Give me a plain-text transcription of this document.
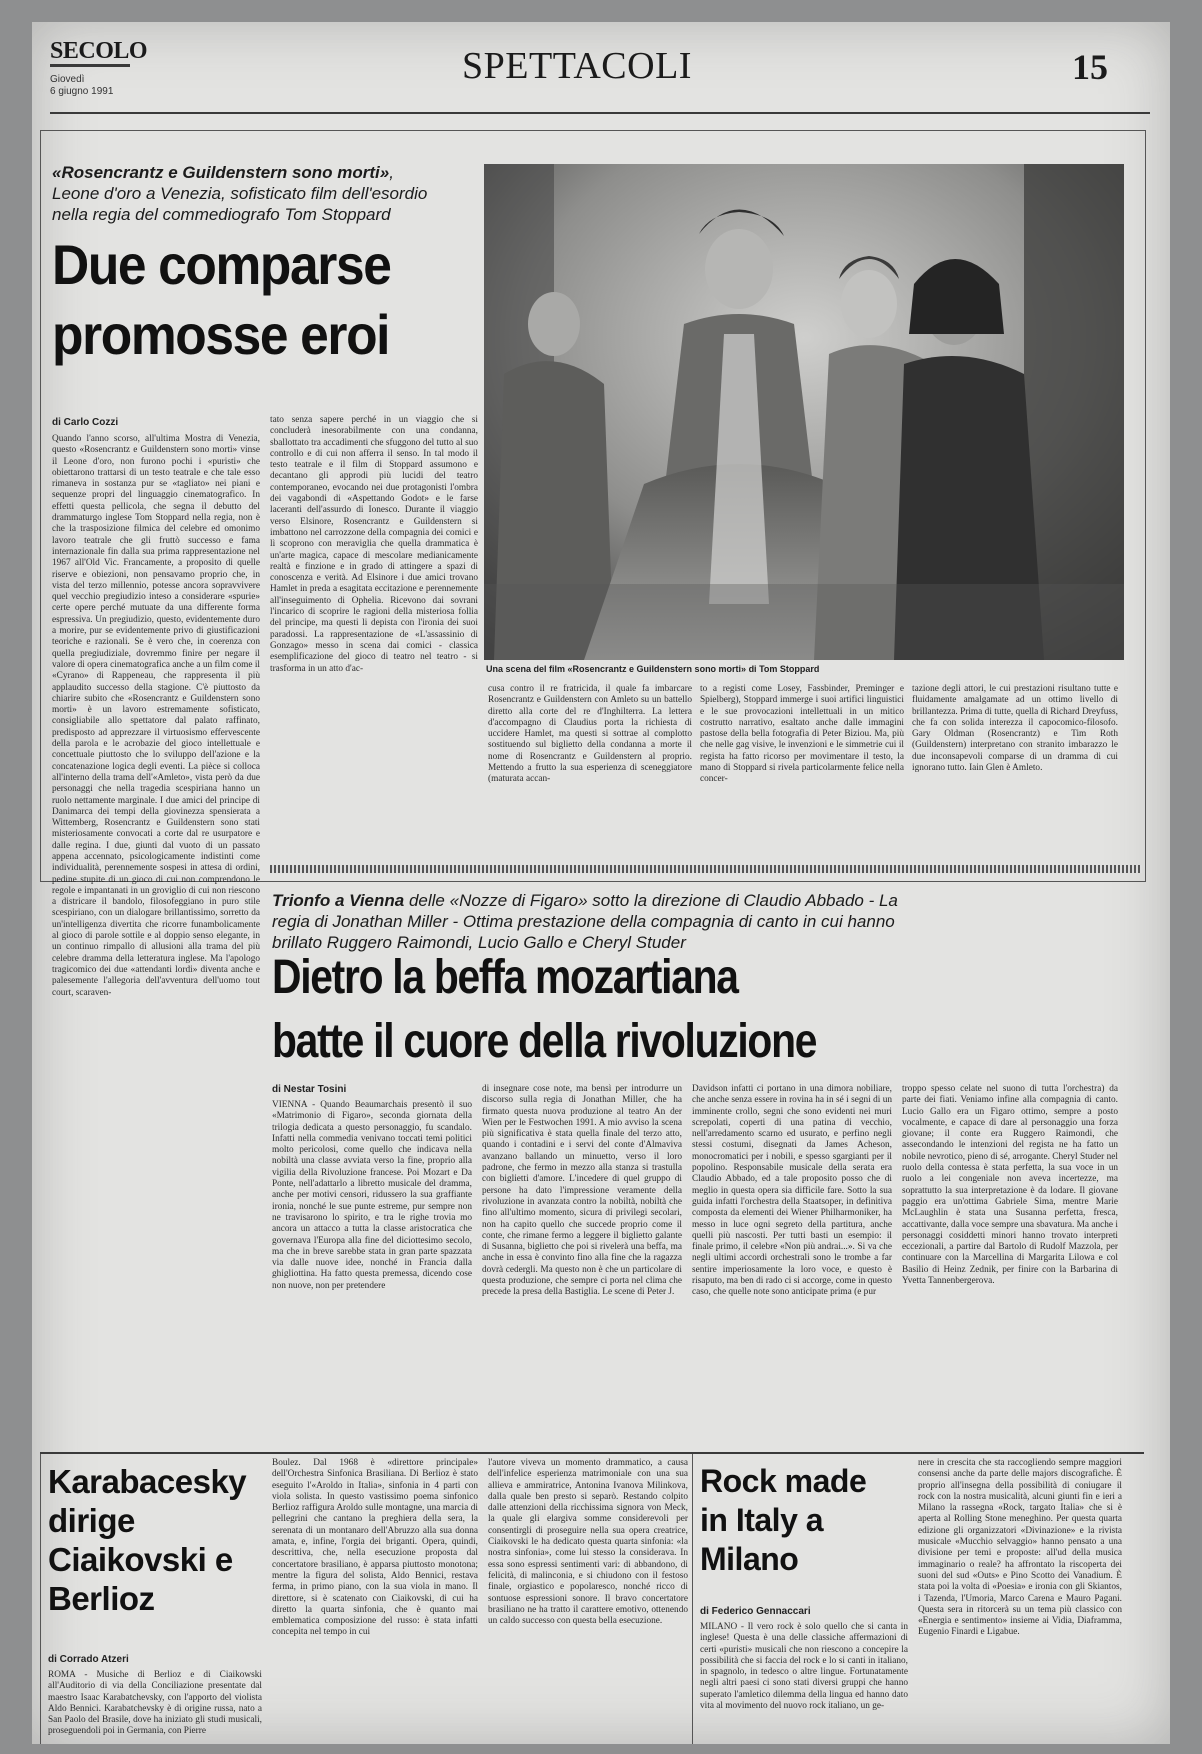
SECOLO
Giovedì
6 giugno 1991
SPETTACOLI	15
«Rosencrantz e Guildenstern sono morti», Leone d'oro a Venezia, sofisticato film dell'esordio nella regia del commediografo Tom Stoppard
Due comparse
promosse eroi
Una scena del film «Rosencrantz e Guildenstern sono morti» di Tom Stoppard
di Carlo Cozzi
Quando l'anno scorso, all'ultima Mostra di Venezia, questo «Rosencrantz e Guildenstern sono morti» vinse il Leone d'oro, non furono pochi i «puristi» che obiettarono trattarsi di un testo teatrale e che tale esso rimaneva in sostanza pur se «tagliato» nei piani e sequenze propri del linguaggio cinematografico. In effetti questa pellicola, che segna il debutto del drammaturgo inglese Tom Stoppard nella regia, non è che la trasposizione filmica del celebre ed omonimo lavoro teatrale che gli fruttò successo e fama internazionale fin dalla sua prima rappresentazione nel 1967 all'Old Vic. Francamente, a proposito di quelle riserve e obiezioni, non pensavamo proprio che, in vista del terzo millennio, potesse ancora sopravvivere quel vecchio pregiudizio inteso a considerare «spurie» certe opere perché mutuate da una differente forma espressiva. Un pregiudizio, questo, evidentemente duro a morire, pur se evidentemente privo di giustificazioni teoriche e razionali. Se è vero che, in coerenza con quella pregiudiziale, dovremmo finire per negare il valore di opera cinematografica anche a un film come il «Cyrano» di Rappeneau, che rappresenta il più applaudito successo della stagione. C'è piuttosto da chiarire subito che «Rosencrantz e Guildenstern sono morti» è un lavoro estremamente sofisticato, consigliabile allo spettatore dal palato raffinato, predisposto ad apprezzare il virtuosismo effervescente della parola e le acrobazie del gioco intellettuale e concettuale piuttosto che lo sviluppo dell'azione e la concatenazione logica degli eventi. La pièce si colloca all'interno della trama dell'«Amleto», vista però da due personaggi che nella tragedia scespiriana hanno un ruolo nettamente marginale. I due amici del principe di Danimarca dei tempi della giovinezza spensierata a Wittemberg, Rosencrantz e Guildenstern sono stati misteriosamente convocati a corte dal re usurpatore e dalle regina. I due, giunti dal vuoto di un passato appena accennato, psicologicamente indistinti come individualità, perennemente sospesi in attesa di ordini, pedine stupite di un gioco di cui non comprendono le regole e impantanati in un groviglio di cui non riescono a districare il bandolo, filosofeggiano in puro stile scespiriano, con un dialogare brillantissimo, sorretto da un'intelligenza divertita che ricorre funambolicamente al gioco di parole sottile e al doppio senso elegante, in un continuo rimpallo di allusioni alla trama del più celebre dramma della letteratura inglese. Ma l'apologo tragicomico dei due «attendanti lordi» diventa anche e palesemente l'allegoria dell'avventura dell'uomo tout court, scaraven-
tato senza sapere perché in un viaggio che si concluderà inesorabilmente con una condanna, sballottato tra accadimenti che sfuggono del tutto al suo controllo e di cui non afferra il senso. In tal modo il testo teatrale e il film di Stoppard assumono e decantano gli approdi più lucidi del teatro contemporaneo, evocando nei due protagonisti l'ombra dei vagabondi di «Aspettando Godot» e le farse laceranti dell'assurdo di Ionesco. Durante il viaggio verso Elsinore, Rosencrantz e Guildenstern si imbattono nel carrozzone della compagnia dei comici e lì scoprono con meraviglia che quella drammatica è un'arte magica, capace di mescolare medianicamente realtà e finzione e in grado di attingere a spazi di conoscenza e verità. Ad Elsinore i due amici trovano Hamlet in preda a esagitata eccitazione e perennemente all'inseguimento di Ophelia. Ricevono dai sovrani l'incarico di scoprire le ragioni della misteriosa follia del principe, ma questi li depista con l'ironia dei suoi paradossi. La rappresentazione de «L'assassinio di Gonzago» messo in scena dai comici - classica esemplificazione del gioco di teatro nel teatro - si trasforma in un atto d'ac-
cusa contro il re fratricida, il quale fa imbarcare Rosencrantz e Guildenstern con Amleto su un battello diretto alla corte del re d'Inghilterra. La lettera d'accompagno di Claudius porta la richiesta di uccidere Hamlet, ma questi si sottrae al complotto sostituendo sul biglietto della condanna a morte il nome di Rosencrantz e Guildenstern al proprio. Mettendo a frutto la sua esperienza di sceneggiatore (maturata accan-
to a registi come Losey, Fassbinder, Preminger e Spielberg), Stoppard immerge i suoi artifici linguistici e le sue provocazioni intellettuali in un mitico costrutto narrativo, esaltato anche dalle immagini pastose della bella fotografia di Peter Biziou. Ma, più che nelle gag visive, le invenzioni e le simmetrie cui il regista ha fatto ricorso per movimentare il testo, la mano di Stoppard si rivela particolarmente felice nella concer-
tazione degli attori, le cui prestazioni risultano tutte e fluidamente amalgamate ad un ottimo livello di brillantezza. Prima di tutte, quella di Richard Dreyfuss, che fa con solida interezza il capocomico-filosofo. Gary Oldman (Rosencrantz) e Tim Roth (Guildenstern) interpretano con stranito imbarazzo le due inconsapevoli comparse di un dramma di cui ignorano tutto. Iain Glen è Amleto.
Trionfo a Vienna delle «Nozze di Figaro» sotto la direzione di Claudio Abbado - La regia di Jonathan Miller - Ottima prestazione della compagnia di canto in cui hanno brillato Ruggero Raimondi, Lucio Gallo e Cheryl Studer
Dietro la beffa mozartiana
batte il cuore della rivoluzione
di Nestar Tosini
VIENNA - Quando Beaumarchais presentò il suo «Matrimonio di Figaro», seconda giornata della trilogia dedicata a questo personaggio, fu scandalo. Infatti nella commedia venivano toccati temi politici molto pericolosi, come quello che indicava nella nobiltà una classe avviata verso la fine, proprio alla vigilia della Rivoluzione francese. Poi Mozart e Da Ponte, nell'adattarlo a libretto musicale del dramma, anche per motivi censori, ridussero la sua graffiante ironia, nonché le sue punte estreme, pur sempre non ne travisarono lo spirito, e tra le righe trovia mo ancora un attacco a tutta la classe aristocratica che governava l'Europa alla fine del diciottesimo secolo, ma che in breve sarebbe stata in gran parte spazzata via dalle nuove idee, nonché in Francia dalla ghigliottina. Ha fatto questa premessa, dicendo cose non nuove, non per pretendere
di insegnare cose note, ma bensì per introdurre un discorso sulla regia di Jonathan Miller, che ha firmato questa nuova produzione al teatro An der Wien per le Festwochen 1991. A mio avviso la scena più significativa è stata quella finale del terzo atto, quando i contadini e i servi del conte d'Almaviva avanzano ballando un minuetto, verso il loro padrone, che fermo in mezzo alla stanza si trastulla con biglietti d'amore. L'incedere di quel gruppo di persone ha dato l'impressione veramente della rivoluzione in avanzata contro la nobiltà, nobiltà che fino all'ultimo momento, sicura di privilegi secolari, non ha capito quello che succede proprio come il conte, che rimane fermo a leggere il biglietto galante di Susanna, biglietto che poi si rivelerà una beffa, ma anche in essa è convinto fino alla fine che la ragazza dovrà cedergli. Ma questo non è che un particolare di questa produzione, che sempre ci porta nel clima che precede la presa della Bastiglia. Le scene di Peter J.
Davidson infatti ci portano in una dimora nobiliare, che anche senza essere in rovina ha in sé i segni di un imminente crollo, segni che sono evidenti nei muri screpolati, coperti di una patina di vecchio, nell'arredamento scarno ed usurato, e perfino negli stessi costumi, disegnati da James Acheson, monocromatici per i nobili, e spesso sgargianti per il popolino. Responsabile musicale della serata era Claudio Abbado, ed a tale proposito posso che di meglio in questa opera sia difficile fare. Sotto la sua guida infatti l'orchestra della Staatsoper, in definitiva composta da elementi dei Wiener Philharmoniker, ha messo in luce ogni segreto della partitura, anche quelli più nascosti. Per tutti basti un esempio: il finale primo, il celebre «Non più andrai...». Si va che negli ultimi accordi orchestrali sono le trombe a far sentire imperiosamente la loro voce, e questo è risaputo, ma ben di rado ci si accorge, come in questo caso, che quelle note sono anticipate prima (e pur
troppo spesso celate nel suono di tutta l'orchestra) da parte dei fiati. Veniamo infine alla compagnia di canto. Lucio Gallo era un Figaro ottimo, sempre a posto vocalmente, e capace di dare al personaggio una forza giovane; il conte era Ruggero Raimondi, che assecondando le intenzioni del regista ne ha fatto un nobile nevrotico, pieno di sé, arrogante. Cheryl Studer nel ruolo della contessa è stata perfetta, la sua voce in un ruolo a lei congeniale non aveva incertezze, ma soprattutto la sua interpretazione è da lodare. Il giovane paggio era un'ottima Gabriele Sima, mentre Marie McLaughlin è stata una Susanna perfetta, fresca, accattivante, dalla voce sempre una sbavatura. Ma anche i personaggi cosiddetti minori hanno trovato interpreti eccezionali, a partire dal Bartolo di Rudolf Mazzola, per continuare con la Marcellina di Margarita Lilowa e col Basilio di Heinz Zednik, per finire con la Barbarina di Yvetta Tannenbergerova.
Karabacesky dirige Ciaikovski e Berlioz
di Corrado Atzeri
ROMA - Musiche di Berlioz e di Ciaikowski all'Auditorio di via della Conciliazione presentate dal maestro Isaac Karabatchevsky, con l'apporto del violista Aldo Bennici. Karabatchevsky è di origine russa, nato a San Paolo del Brasile, dove ha iniziato gli studi musicali, proseguendoli poi in Germania, con Pierre
Boulez. Dal 1968 è «direttore principale» dell'Orchestra Sinfonica Brasiliana. Di Berlioz è stato eseguito l'«Aroldo in Italia», sinfonia in 4 parti con viola solista. In questo vastissimo poema sinfonico Berlioz raffigura Aroldo sulle montagne, una marcia di pellegrini che cantano la preghiera della sera, la serenata di un montanaro dell'Abruzzo alla sua donna amata, e, infine, l'orgia dei briganti. Opera, quindi, descrittiva, che, nella esecuzione proposta dal concertatore brasiliano, è apparsa piuttosto monotona; mentre la figura del solista, Aldo Bennici, restava ferma, in primo piano, con la sua viola in mano. Il direttore, si è scatenato con Ciaikovski, di cui ha diretto la quarta sinfonia, che è quanto mai emblematica composizione del russo: è stata infatti concepita nel tempo in cui
l'autore viveva un momento drammatico, a causa dell'infelice esperienza matrimoniale con una sua allieva e ammiratrice, Antonina Ivanova Milinkova, dalla quale ben presto si separò. Restando colpito dalle attenzioni della ricchissima signora von Meck, la quale gli elargiva somme considerevoli per consentirgli di proseguire nella sua opera creatrice, Ciaikovski le ha dedicato questa quarta sinfonia: «la nostra sinfonia», come lui stesso la considerava. In essa sono espressi sentimenti vari: di abbandono, di felicità, di malinconia, e si chiudono con il festoso finale, orgiastico e popolaresco, nonché ricco di sontuose espressioni sonore. Il bravo concertatore brasiliano ne ha tratto il carattere emotivo, ottenendo un caldo successo con questa bella esecuzione.
Rock made in Italy a Milano
di Federico Gennaccari
MILANO - Il vero rock è solo quello che si canta in inglese! Questa è una delle classiche affermazioni di certi «puristi» musicali che non riescono a concepire la possibilità che si faccia del rock e lo si canti in italiano, in spagnolo, in tedesco o altre lingue. Fortunatamente negli altri paesi ci sono stati diversi gruppi che hanno superato l'amletico dilemma della lingua ed hanno dato vita al movimento del nuovo rock italiano, un ge-
nere in crescita che sta raccogliendo sempre maggiori consensi anche da parte delle majors discografiche. È proprio all'insegna della possibilità di coniugare il rock con la nostra musicalità, alcuni giunti fin e ieri a Milano la rassegna «Rock, targato Italia» che si è aperta al Rolling Stone meneghino. Per questa quarta edizione gli organizzatori «Divinazione» e la rivista musicale «Mucchio selvaggio» hanno pensato a una divisione per temi e proposte: all'ud della musica immaginario o reale? ha affrontato la riscoperta dei suoni del sud «Outs» e Pino Scotto dei Vanadium. È stata poi la volta di «Poesia» e ironia con gli Skiantos, i Tazenda, l'Umoria, Marco Carena e Mauro Pagani. Questa sera in ritorcerà su un tema più classico con «Energia e sentimento» insieme ai Vidia, Diaframma, Eugenio Finardi e Ligabue.
